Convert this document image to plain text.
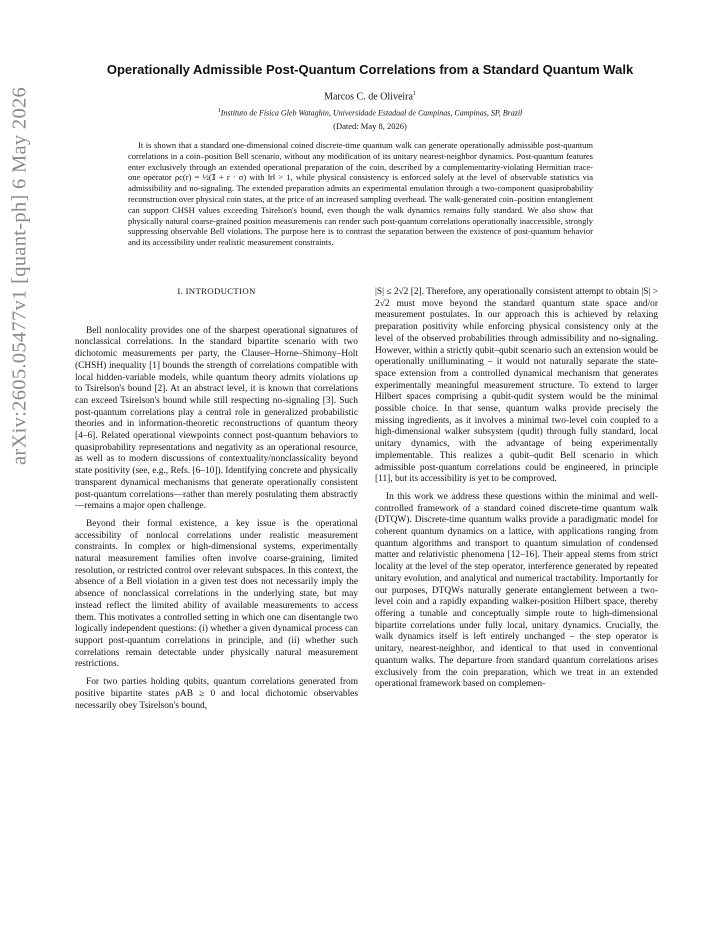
arXiv:2605.05477v1 [quant-ph] 6 May 2026
Operationally Admissible Post-Quantum Correlations from a Standard Quantum Walk
Marcos C. de Oliveira$^1$
$^1$Instituto de Física Gleb Wataghin, Universidade Estadual de Campinas, Campinas, SP, Brazil
(Dated: May 8, 2026)
It is shown that a standard one-dimensional coined discrete-time quantum walk can generate operationally admissible post-quantum correlations in a coin–position Bell scenario, without any modification of its unitary nearest-neighbor dynamics. Post-quantum features enter exclusively through an extended operational preparation of the coin, described by a complementarity-violating Hermitian trace-one operator ρc(r) = ½(𝕀 + r · σ) with ‖r‖ > 1, while physical consistency is enforced solely at the level of observable statistics via admissibility and no-signaling. The extended preparation admits an experimental emulation through a two-component quasiprobability reconstruction over physical coin states, at the price of an increased sampling overhead. The walk-generated coin–position entanglement can support CHSH values exceeding Tsirelson's bound, even though the walk dynamics remains fully standard. We also show that physically natural coarse-grained position measurements can render such post-quantum correlations operationally inaccessible, strongly suppressing observable Bell violations. The purpose here is to contrast the separation between the existence of post-quantum behavior and its accessibility under realistic measurement constraints.
I. INTRODUCTION

Bell nonlocality provides one of the sharpest operational signatures of nonclassical correlations. In the standard bipartite scenario with two dichotomic measurements per party, the Clauser–Horne–Shimony–Holt (CHSH) inequality [1] bounds the strength of correlations compatible with local hidden-variable models, while quantum theory admits violations up to Tsirelson's bound [2]. At an abstract level, it is known that correlations can exceed Tsirelson's bound while still respecting no-signaling [3]. Such post-quantum correlations play a central role in generalized probabilistic theories and in information-theoretic reconstructions of quantum theory [4–6]. Related operational viewpoints connect post-quantum behaviors to quasiprobability representations and negativity as an operational resource, as well as to modern discussions of contextuality/nonclassicality beyond state positivity (see, e.g., Refs. [6–10]). Identifying concrete and physically transparent dynamical mechanisms that generate operationally consistent post-quantum correlations—rather than merely postulating them abstractly—remains a major open challenge.

Beyond their formal existence, a key issue is the operational accessibility of nonlocal correlations under realistic measurement constraints. In complex or high-dimensional systems, experimentally natural measurement families often involve coarse-graining, limited resolution, or restricted control over relevant subspaces. In this context, the absence of a Bell violation in a given test does not necessarily imply the absence of nonclassical correlations in the underlying state, but may instead reflect the limited ability of available measurements to access them. This motivates a controlled setting in which one can disentangle two logically independent questions: (i) whether a given dynamical process can support post-quantum correlations in principle, and (ii) whether such correlations remain detectable under physically natural measurement restrictions.

For two parties holding qubits, quantum correlations generated from positive bipartite states ρAB ≥ 0 and local dichotomic observables necessarily obey Tsirelson's bound,

|S| ≤ 2√2 [2]. Therefore, any operationally consistent attempt to obtain |S| > 2√2 must move beyond the standard quantum state space and/or measurement postulates. In our approach this is achieved by relaxing preparation positivity while enforcing physical consistency only at the level of the observed probabilities through admissibility and no-signaling. However, within a strictly qubit–qubit scenario such an extension would be operationally unilluminating – it would not naturally separate the state-space extension from a controlled dynamical mechanism that generates experimentally meaningful measurement structure. To extend to larger Hilbert spaces comprising a qubit-qudit system would be the minimal possible choice. In that sense, quantum walks provide precisely the missing ingredients, as it involves a minimal two-level coin coupled to a high-dimensional walker subsystem (qudit) through fully standard, local unitary dynamics, with the advantage of being experimentally implementable. This realizes a qubit–qudit Bell scenario in which admissible post-quantum correlations could be engineered, in principle [11], but its accessibility is yet to be comproved.

In this work we address these questions within the minimal and well-controlled framework of a standard coined discrete-time quantum walk (DTQW). Discrete-time quantum walks provide a paradigmatic model for coherent quantum dynamics on a lattice, with applications ranging from quantum algorithms and transport to quantum simulation of condensed matter and relativistic phenomena [12–16]. Their appeal stems from strict locality at the level of the step operator, interference generated by repeated unitary evolution, and analytical and numerical tractability. Importantly for our purposes, DTQWs naturally generate entanglement between a two-level coin and a rapidly expanding walker-position Hilbert space, thereby offering a tunable and conceptually simple route to high-dimensional bipartite correlations under fully local, unitary dynamics. Crucially, the walk dynamics itself is left entirely unchanged – the step operator is unitary, nearest-neighbor, and identical to that used in conventional quantum walks. The departure from standard quantum correlations arises exclusively from the coin preparation, which we treat in an extended operational framework based on complemen-
